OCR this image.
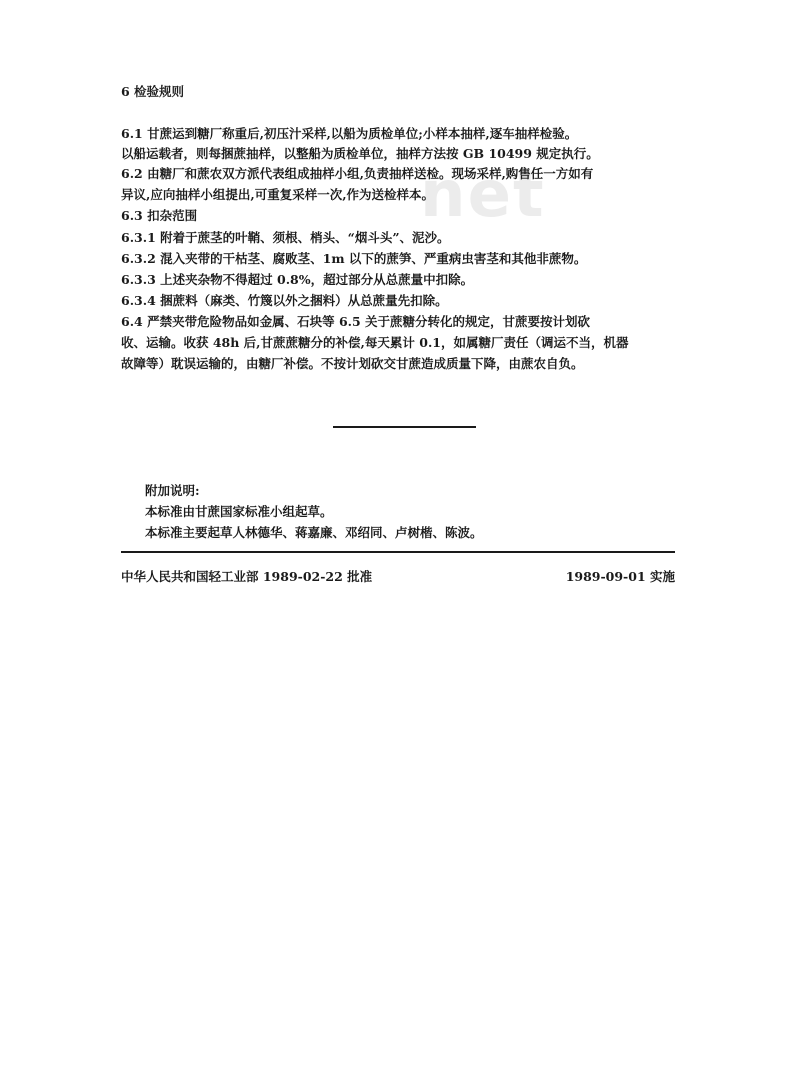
net
6 检验规则
6.1 甘蔗运到糖厂称重后,初压汁采样,以船为质检单位;小样本抽样,逐车抽样检验。
以船运载者，则每捆蔗抽样，以整船为质检单位，抽样方法按 GB 10499 规定执行。
6.2 由糖厂和蔗农双方派代表组成抽样小组,负责抽样送检。现场采样,购售任一方如有
异议,应向抽样小组提出,可重复采样一次,作为送检样本。
6.3 扣杂范围
6.3.1 附着于蔗茎的叶鞘、须根、梢头、“烟斗头”、泥沙。
6.3.2 混入夹带的干枯茎、腐败茎、1m 以下的蔗笋、严重病虫害茎和其他非蔗物。
6.3.3 上述夹杂物不得超过 0.8%，超过部分从总蔗量中扣除。
6.3.4 捆蔗料（麻类、竹篾以外之捆料）从总蔗量先扣除。
6.4 严禁夹带危险物品如金属、石块等 6.5 关于蔗糖分转化的规定，甘蔗要按计划砍
收、运输。收获 48h 后,甘蔗蔗糖分的补偿,每天累计 0.1，如属糖厂责任（调运不当，机器
故障等）耽误运输的，由糖厂补偿。不按计划砍交甘蔗造成质量下降，由蔗农自负。
附加说明:
本标准由甘蔗国家标准小组起草。
本标准主要起草人林德华、蒋嘉廉、邓绍同、卢树楷、陈波。
中华人民共和国轻工业部 1989-02-22 批准	1989-09-01 实施
